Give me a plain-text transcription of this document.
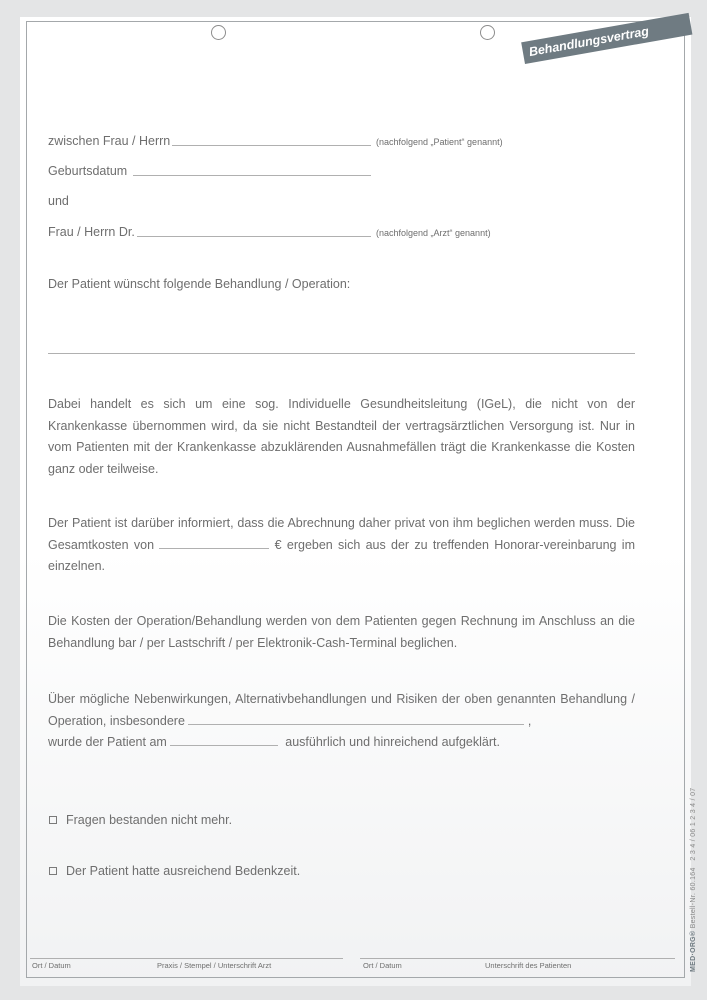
Behandlungsvertrag
zwischen Frau / Herrn	(nachfolgend „Patient“ genannt)
Geburtsdatum
und
Frau / Herrn Dr.	(nachfolgend „Arzt“ genannt)
Der Patient wünscht folgende Behandlung / Operation:
Dabei handelt es sich um eine sog. Individuelle Gesundheitsleitung (IGeL), die nicht von der Krankenkasse übernommen wird, da sie nicht Bestandteil der vertragsärztlichen Versorgung ist. Nur in vom Patienten mit der Krankenkasse abzuklärenden Ausnahmefällen trägt die Krankenkasse die Kosten ganz oder teilweise.
Der Patient ist darüber informiert, dass die Abrechnung daher privat von ihm beglichen werden muss. Die Gesamtkosten von	€ ergeben sich aus der zu treffenden Honorar-vereinbarung im einzelnen.
Die Kosten der Operation/Behandlung werden von dem Patienten gegen Rechnung im Anschluss an die Behandlung bar / per Lastschrift / per Elektronik-Cash-Terminal beglichen.
Über mögliche Nebenwirkungen, Alternativbehandlungen und Risiken der oben genannten Behandlung / Operation, insbesondere	,
wurde der Patient am	ausführlich und hinreichend aufgeklärt.
Fragen bestanden nicht mehr.
Der Patient hatte ausreichend Bedenkzeit.
Ort / Datum	Praxis / Stempel / Unterschrift Arzt	Ort / Datum	Unterschrift des Patienten	MED·ORG® Bestell-Nr. 60.164   2 3 4 / 06 1 2 3 4 / 07
